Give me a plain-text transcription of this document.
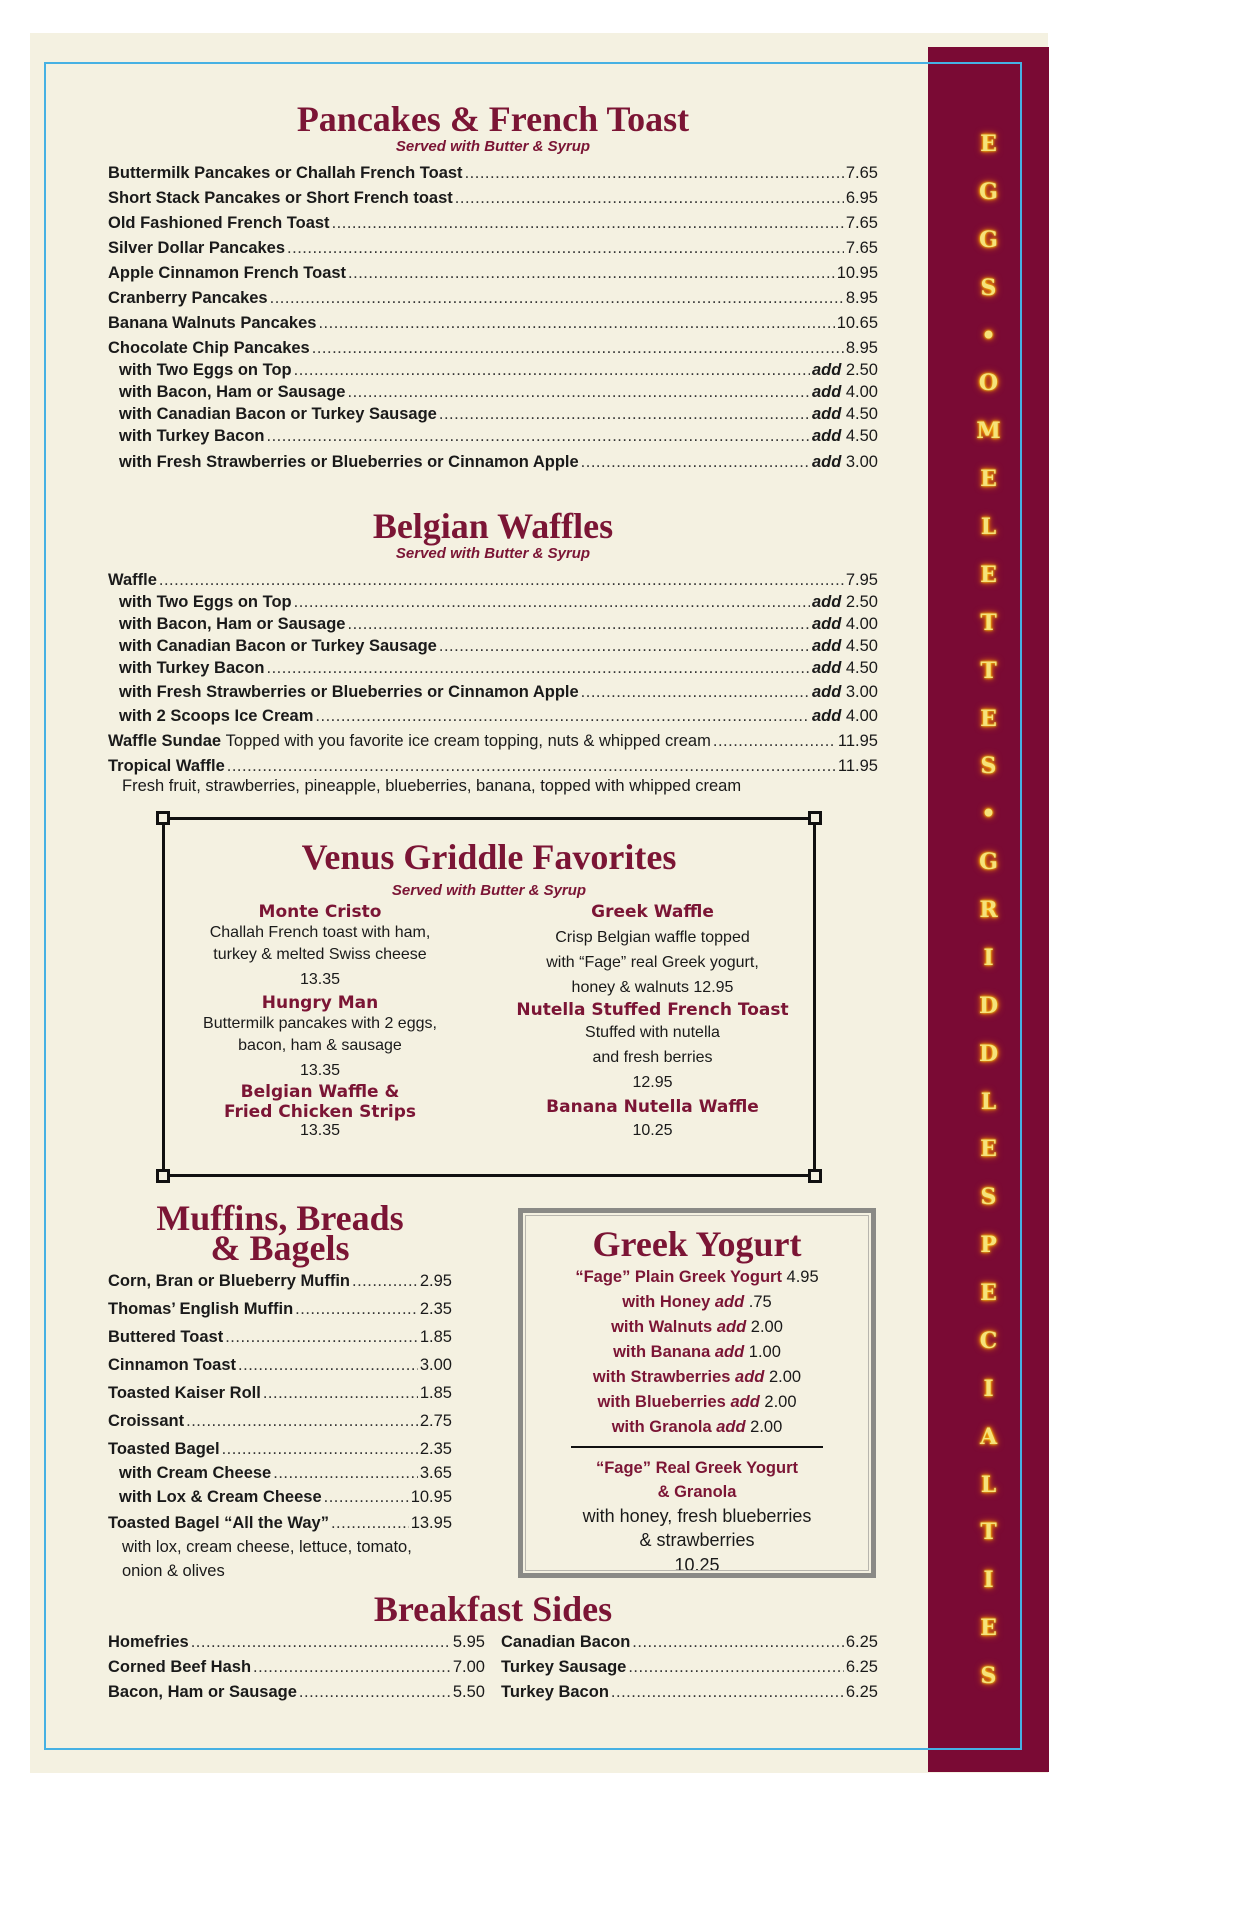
E
G
G
S
•
O
M
E
L
E
T
T
E
S
•
G
R
I
D
D
L
E
S
P
E
C
I
A
L
T
I
E
S
Pancakes & French Toast
Served with Butter & Syrup
Buttermilk Pancakes or Challah French Toast .....	7.65
Short Stack Pancakes or Short French toast .....	6.95
Old Fashioned French Toast .....	7.65
Silver Dollar Pancakes .....	7.65
Apple Cinnamon French Toast .....	10.95
Cranberry Pancakes .....	8.95
Banana Walnuts Pancakes .....	10.65
Chocolate Chip Pancakes .....	8.95
with Two Eggs on Top .....	add 2.50
with Bacon, Ham or Sausage .....	add 4.00
with Canadian Bacon or Turkey Sausage .....	add 4.50
with Turkey Bacon .....	add 4.50
with Fresh Strawberries or Blueberries or Cinnamon Apple .....	add 3.00
Belgian Waffles
Served with Butter & Syrup
Waffle .....	7.95
with Two Eggs on Top .....	add 2.50
with Bacon, Ham or Sausage .....	add 4.00
with Canadian Bacon or Turkey Sausage .....	add 4.50
with Turkey Bacon .....	add 4.50
with Fresh Strawberries or Blueberries or Cinnamon Apple .....	add 3.00
with 2 Scoops Ice Cream .....	add 4.00
Waffle Sundae Topped with you favorite ice cream topping, nuts & whipped cream .....	11.95
Tropical Waffle .....	11.95
Fresh fruit, strawberries, pineapple, blueberries, banana, topped with whipped cream
Venus Griddle Favorites
Served with Butter & Syrup
Monte Cristo
Challah French toast with ham,
turkey & melted Swiss cheese
13.35
Hungry Man
Buttermilk pancakes with 2 eggs,
bacon, ham & sausage
13.35
Belgian Waffle &
Fried Chicken Strips
13.35
Greek Waffle
Crisp Belgian waffle topped
with “Fage” real Greek yogurt,
honey & walnuts 12.95
Nutella Stuffed French Toast
Stuffed with nutella
and fresh berries
12.95
Banana Nutella Waffle
10.25
Muffins, Breads
& Bagels
Corn, Bran or Blueberry Muffin .....	2.95
Thomas’ English Muffin .....	2.35
Buttered Toast .....	1.85
Cinnamon Toast .....	3.00
Toasted Kaiser Roll .....	1.85
Croissant .....	2.75
Toasted Bagel .....	2.35
with Cream Cheese .....	3.65
with Lox & Cream Cheese .....	10.95
Toasted Bagel “All the Way” .....	13.95
with lox, cream cheese, lettuce, tomato,
onion & olives
Greek Yogurt
“Fage” Plain Greek Yogurt 4.95
with Honey add .75
with Walnuts add 2.00
with Banana add 1.00
with Strawberries add 2.00
with Blueberries add 2.00
with Granola add 2.00
“Fage” Real Greek Yogurt
& Granola
with honey, fresh blueberries
& strawberries
10.25
Breakfast Sides
Homefries .....	5.95
Corned Beef Hash .....	7.00
Bacon, Ham or Sausage .....	5.50
Canadian Bacon .....	6.25
Turkey Sausage .....	6.25
Turkey Bacon .....	6.25
